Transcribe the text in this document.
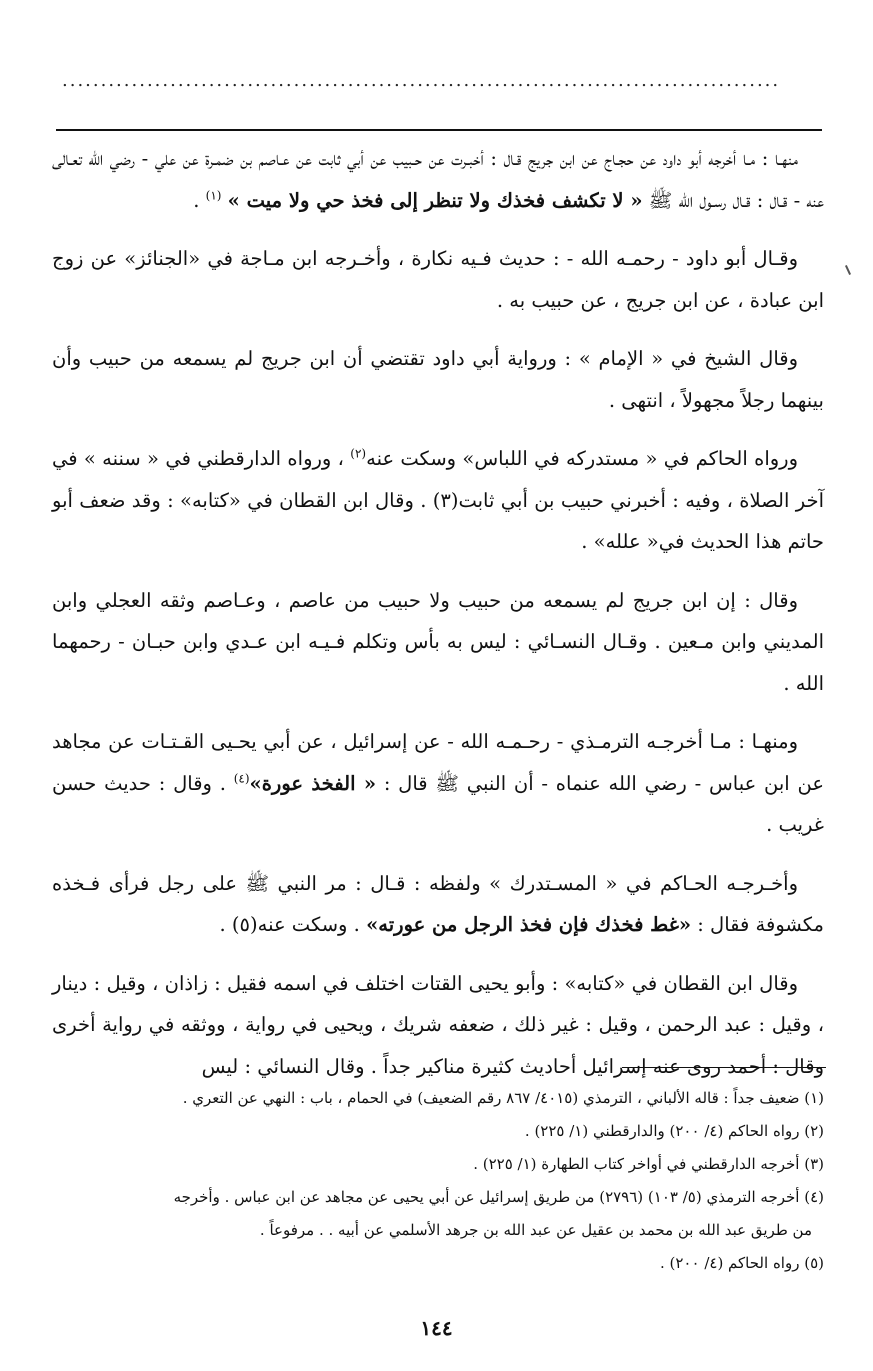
.............................................................................................

منهـا : مـا أخرجه أبو داود عن حجـاج عن ابن جريج قـال : أخبـرت عن حـبيب عن أبي ثابت عن عـاصم بن ضمـرة عن علي - رضي الله تعـالى عنه - قـال : قـال رسـول الله ﷺ « لا تكشف فخذك ولا تنظر إلى فخذ حي ولا ميت » $^{(١)}$ .

وقـال أبو داود - رحمـه الله - : حديث فـيه نكارة ، وأخـرجه ابن مـاجة في «الجنائز» عن زوج ابن عبادة ، عن ابن جريج ، عن حبيب به .

وقال الشيخ في « الإمام » : ورواية أبي داود تقتضي أن ابن جريج لم يسمعه من حبيب وأن بينهما رجلاً مجهولاً ، انتهى .

ورواه الحاكم في « مستدركه في اللباس» وسكت عنه$^{(٢)}$ ، ورواه الدارقطني في « سننه » في آخر الصلاة ، وفيه : أخبرني حبيب بن أبي ثابت(٣) . وقال ابن القطان في «كتابه» : وقد ضعف أبو حاتم هذا الحديث في« علله» .

وقال : إن ابن جريج لم يسمعه من حبيب ولا حبيب من عاصم ، وعـاصم وثقه العجلي وابن المديني وابن مـعين . وقـال النسـائي : ليس به بأس وتكلم فـيـه ابن عـدي وابن حبـان - رحمهما الله .

ومنهـا : مـا أخرجـه الترمـذي - رحـمـه الله - عن إسرائيل ، عن أبي يحـيى القـتـات عن مجاهد عن ابن عباس - رضي الله عنماه - أن النبي ﷺ قال : « الفخذ عورة»$^{(٤)}$ . وقال : حديث حسن غريب .

وأخـرجـه الحـاكم في « المسـتدرك » ولفظه : قـال : مر النبي ﷺ على رجل فرأى فـخذه مكشوفة فقال : «غط فخذك فإن فخذ الرجل من عورته» . وسكت عنه(٥) .

وقال ابن القطان في «كتابه» : وأبو يحيى القتات اختلف في اسمه فقيل : زاذان ، وقيل : دينار ، وقيل : عبد الرحمن ، وقيل : غير ذلك ، ضعفه شريك ، ويحيى في رواية ، ووثقه في رواية أخرى وقال : أحمد روى عنه إسرائيل أحاديث كثيرة مناكير جداً . وقال النسائي : ليس

(١) ضعيف جداً : قاله الألباني ، الترمذي (٤٠١٥/ ٨٦٧ رقم الضعيف) في الحمام ، باب : النهي عن التعري .

(٢) رواه الحاكم (٤/ ٢٠٠) والدارقطني (١/ ٢٢٥) .

(٣) أخرجه الدارقطني في أواخر كتاب الطهارة (١/ ٢٢٥) .

(٤) أخرجه الترمذي (٥/ ١٠٣) (٢٧٩٦) من طريق إسرائيل عن أبي يحيى عن مجاهد عن ابن عباس . وأخرجه

من طريق عبد الله بن محمد بن عقيل عن عبد الله بن جرهد الأسلمي عن أبيه . . مرفوعاً .

(٥) رواه الحاكم (٤/ ٢٠٠) .

١٤٤
